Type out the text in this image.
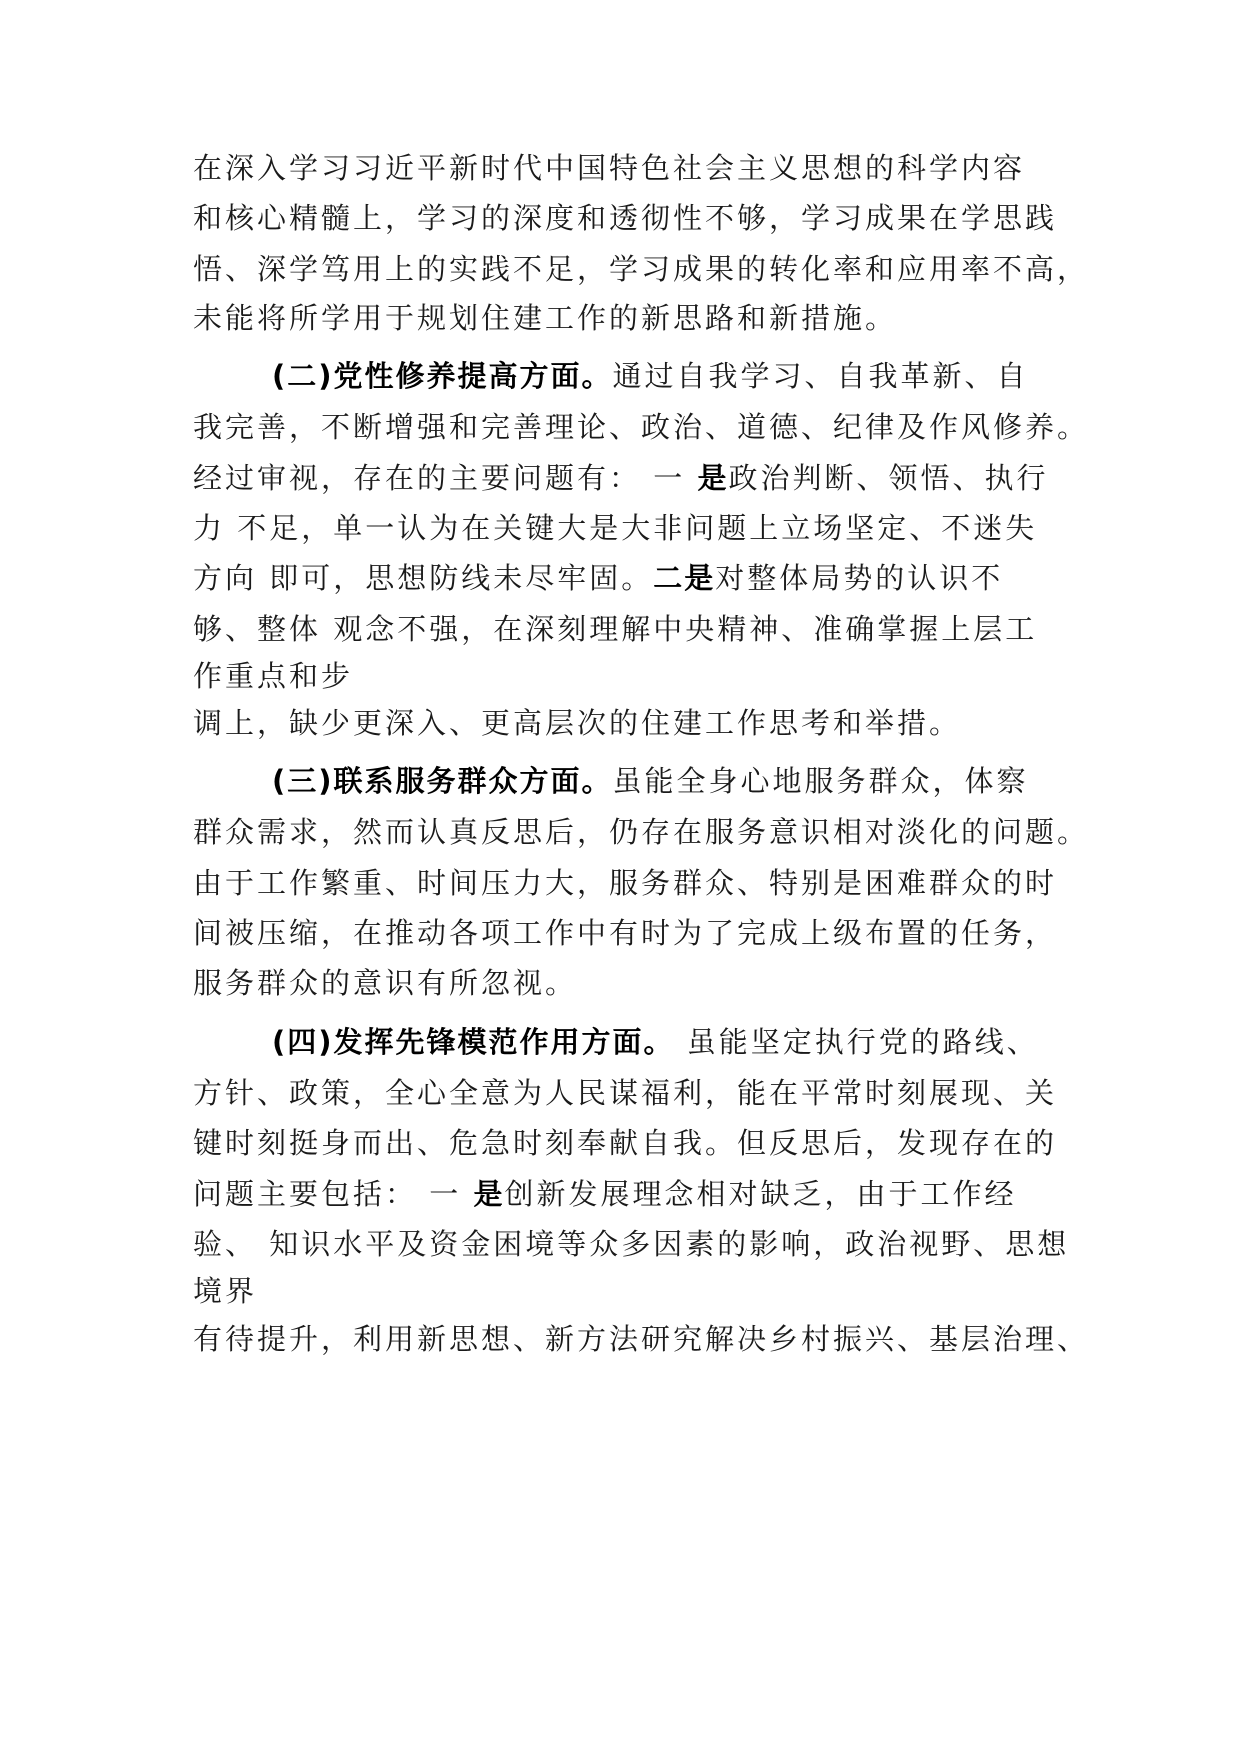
在深入学习习近平新时代中国特色社会主义思想的科学内容
和核心精髓上，学习的深度和透彻性不够，学习成果在学思践
悟、深学笃用上的实践不足，学习成果的转化率和应用率不高，
未能将所学用于规划住建工作的新思路和新措施。
(二)党性修养提高方面。通过自我学习、自我革新、自
我完善，不断增强和完善理论、政治、道德、纪律及作风修养。
经过审视，存在的主要问题有： 一 是政治判断、领悟、执行
力 不足，单一认为在关键大是大非问题上立场坚定、不迷失
方向 即可，思想防线未尽牢固。二是对整体局势的认识不
够、整体 观念不强，在深刻理解中央精神、准确掌握上层工
作重点和步
调上，缺少更深入、更高层次的住建工作思考和举措。
(三)联系服务群众方面。虽能全身心地服务群众，体察
群众需求，然而认真反思后，仍存在服务意识相对淡化的问题。
由于工作繁重、时间压力大，服务群众、特别是困难群众的时
间被压缩，在推动各项工作中有时为了完成上级布置的任务，
服务群众的意识有所忽视。
(四)发挥先锋模范作用方面。 虽能坚定执行党的路线、
方针、政策，全心全意为人民谋福利，能在平常时刻展现、关
键时刻挺身而出、危急时刻奉献自我。但反思后，发现存在的
问题主要包括： 一 是创新发展理念相对缺乏，由于工作经
验、 知识水平及资金困境等众多因素的影响，政治视野、思想
境界
有待提升，利用新思想、新方法研究解决乡村振兴、基层治理、
